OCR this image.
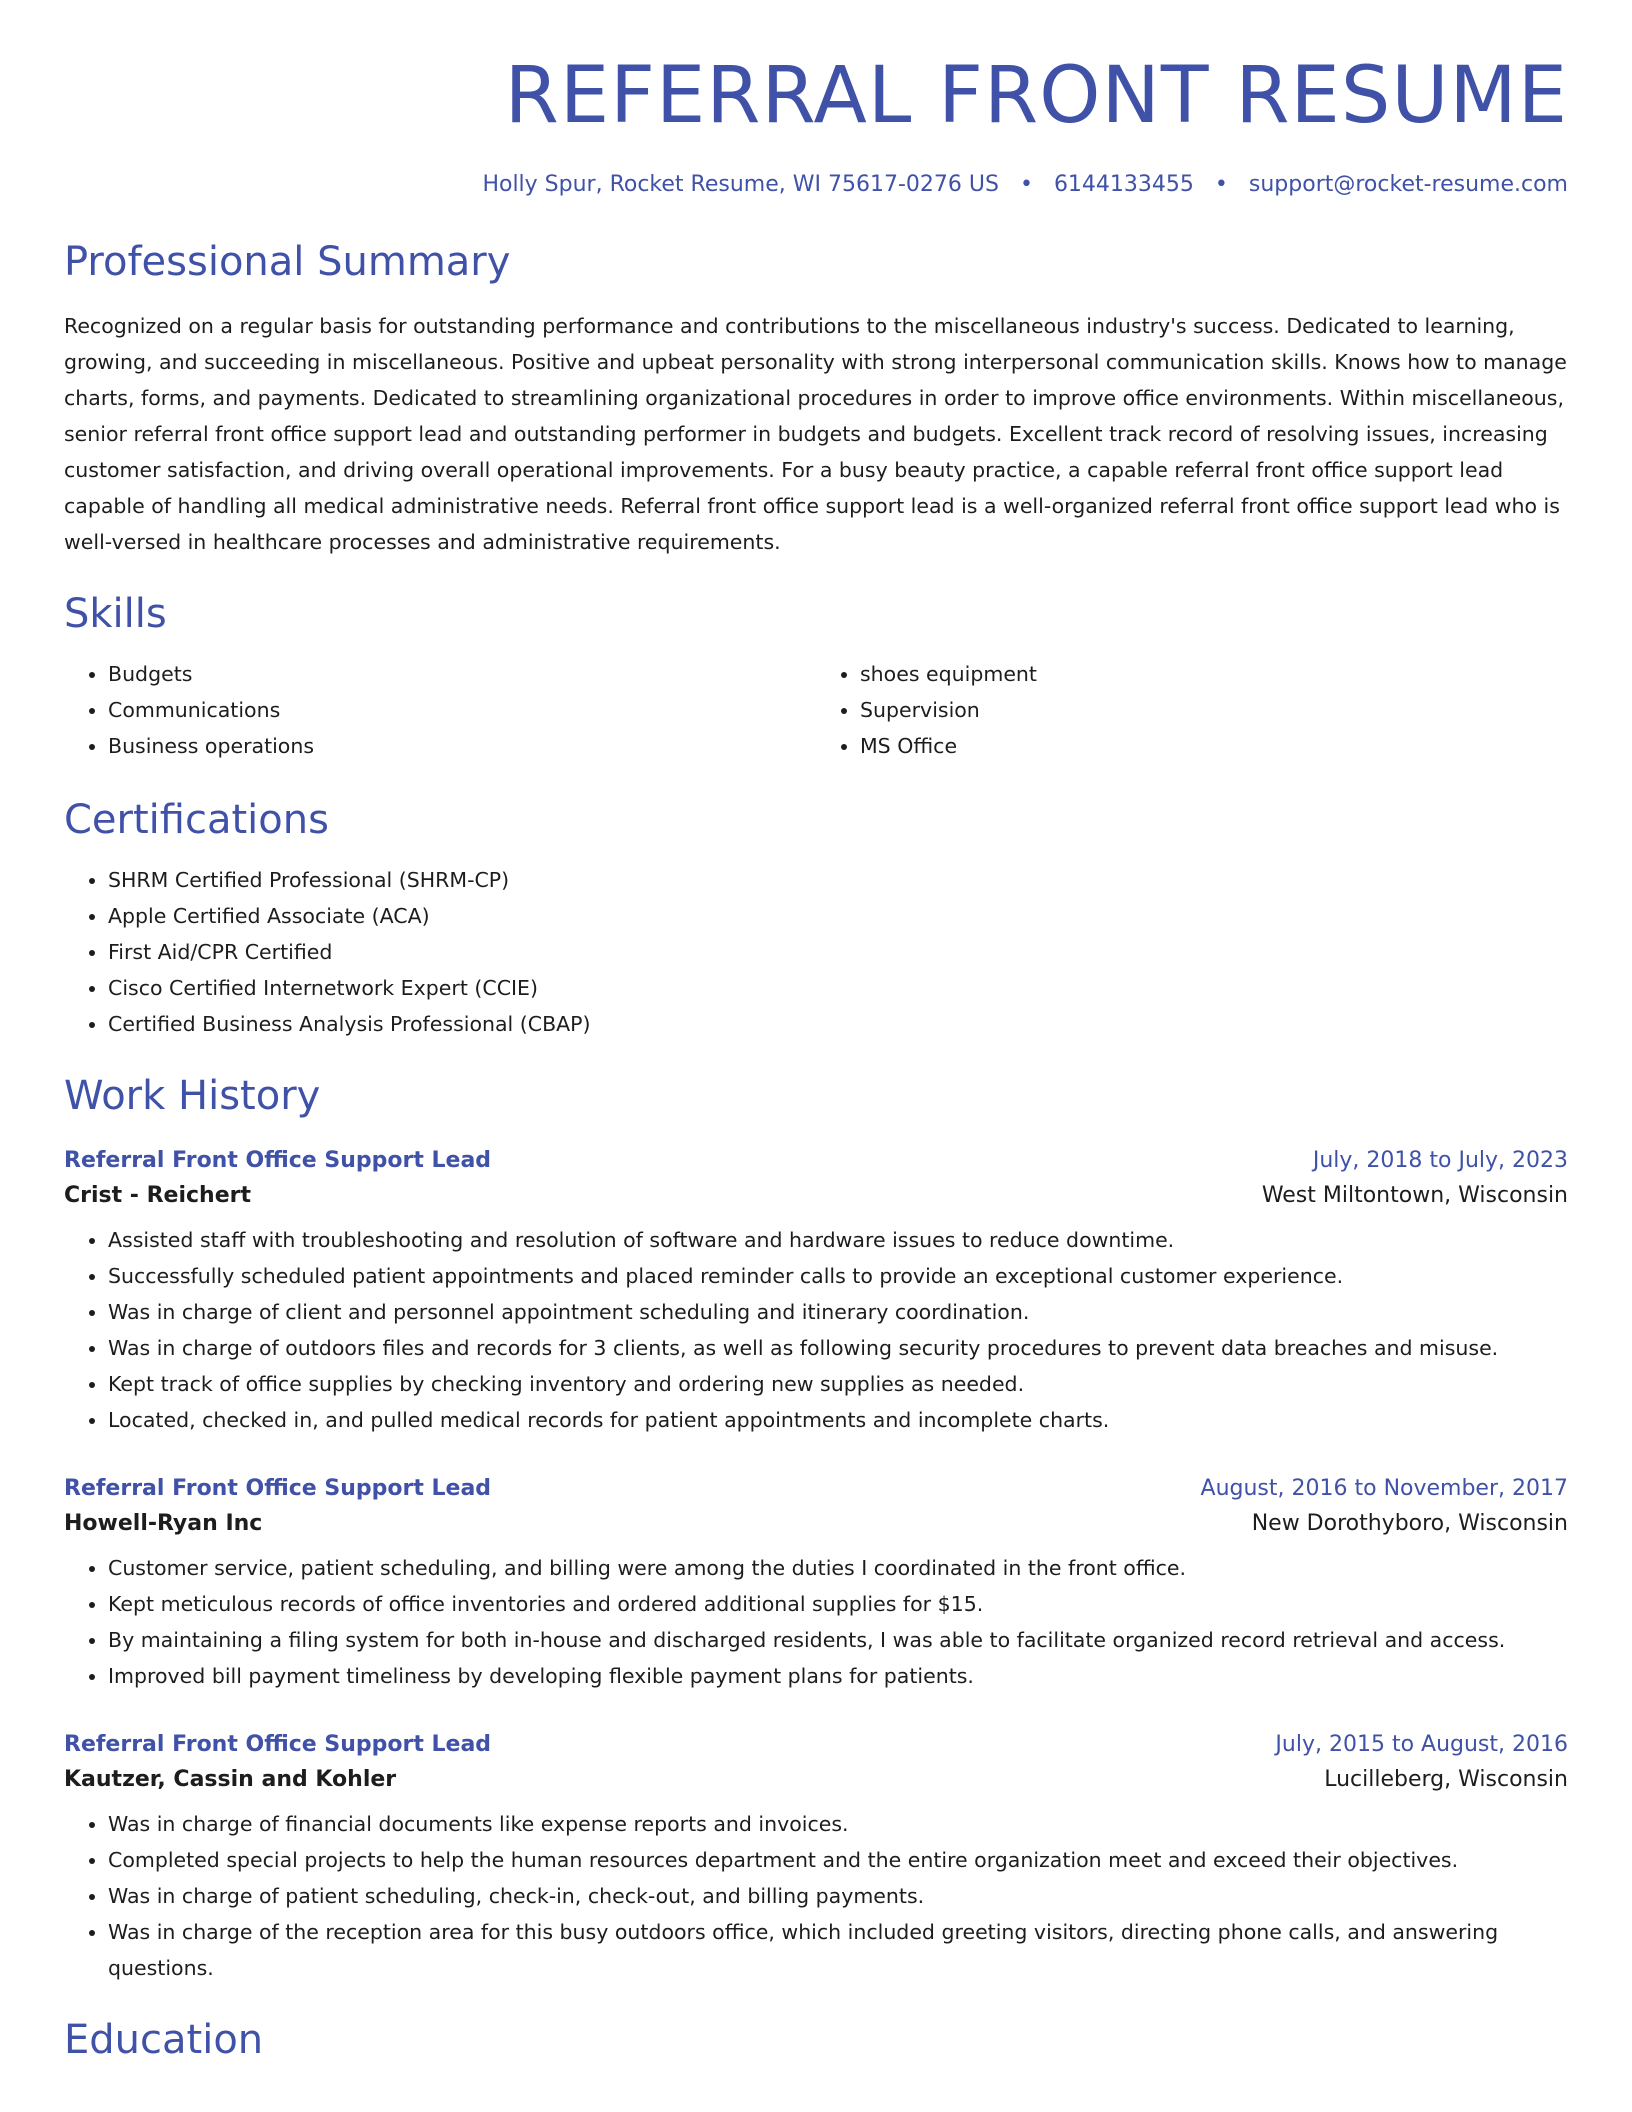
REFERRAL FRONT RESUME
Holly Spur, Rocket Resume, WI 75617-0276 US • 6144133455 • support@rocket-resume.com
Professional Summary

Recognized on a regular basis for outstanding performance and contributions to the miscellaneous industry's success. Dedicated to learning, growing, and succeeding in miscellaneous. Positive and upbeat personality with strong interpersonal communication skills. Knows how to manage charts, forms, and payments. Dedicated to streamlining organizational procedures in order to improve office environments. Within miscellaneous, senior referral front office support lead and outstanding performer in budgets and budgets. Excellent track record of resolving issues, increasing customer satisfaction, and driving overall operational improvements. For a busy beauty practice, a capable referral front office support lead capable of handling all medical administrative needs. Referral front office support lead is a well-organized referral front office support lead who is well-versed in healthcare processes and administrative requirements.

Skills
• Budgets
• Communications
• Business operations
• shoes equipment
• Supervision
• MS Office
Certifications
• SHRM Certified Professional (SHRM-CP)
• Apple Certified Associate (ACA)
• First Aid/CPR Certified
• Cisco Certified Internetwork Expert (CCIE)
• Certified Business Analysis Professional (CBAP)
Work History
Referral Front Office Support Lead	July, 2018 to July, 2023
Crist - Reichert	West Miltontown, Wisconsin
• Assisted staff with troubleshooting and resolution of software and hardware issues to reduce downtime.
• Successfully scheduled patient appointments and placed reminder calls to provide an exceptional customer experience.
• Was in charge of client and personnel appointment scheduling and itinerary coordination.
• Was in charge of outdoors files and records for 3 clients, as well as following security procedures to prevent data breaches and misuse.
• Kept track of office supplies by checking inventory and ordering new supplies as needed.
• Located, checked in, and pulled medical records for patient appointments and incomplete charts.
Referral Front Office Support Lead	August, 2016 to November, 2017
Howell-Ryan Inc	New Dorothyboro, Wisconsin
• Customer service, patient scheduling, and billing were among the duties I coordinated in the front office.
• Kept meticulous records of office inventories and ordered additional supplies for $15.
• By maintaining a filing system for both in-house and discharged residents, I was able to facilitate organized record retrieval and access.
• Improved bill payment timeliness by developing flexible payment plans for patients.
Referral Front Office Support Lead	July, 2015 to August, 2016
Kautzer, Cassin and Kohler	Lucilleberg, Wisconsin
• Was in charge of financial documents like expense reports and invoices.
• Completed special projects to help the human resources department and the entire organization meet and exceed their objectives.
• Was in charge of patient scheduling, check-in, check-out, and billing payments.
• Was in charge of the reception area for this busy outdoors office, which included greeting visitors, directing phone calls, and answering questions.
Education
